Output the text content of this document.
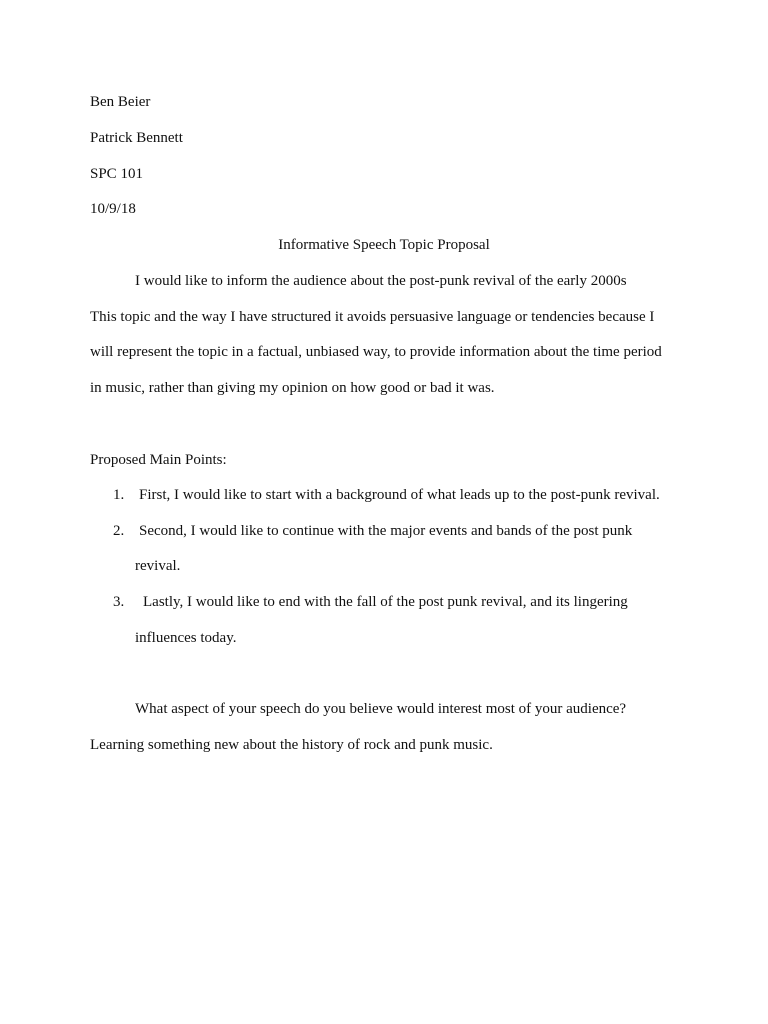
Ben Beier

Patrick Bennett

SPC 101

10/9/18

Informative Speech Topic Proposal

I would like to inform the audience about the post-punk revival of the early 2000s

This topic and the way I have structured it avoids persuasive language or tendencies because I

will represent the topic in a factual, unbiased way, to provide information about the time period

in music, rather than giving my opinion on how good or bad it was.

Proposed Main Points:

1. First, I would like to start with a background of what leads up to the post-punk revival.
2. Second, I would like to continue with the major events and bands of the post punk
revival.
3. Lastly, I would like to end with the fall of the post punk revival, and its lingering
influences today.

What aspect of your speech do you believe would interest most of your audience?

Learning something new about the history of rock and punk music.
